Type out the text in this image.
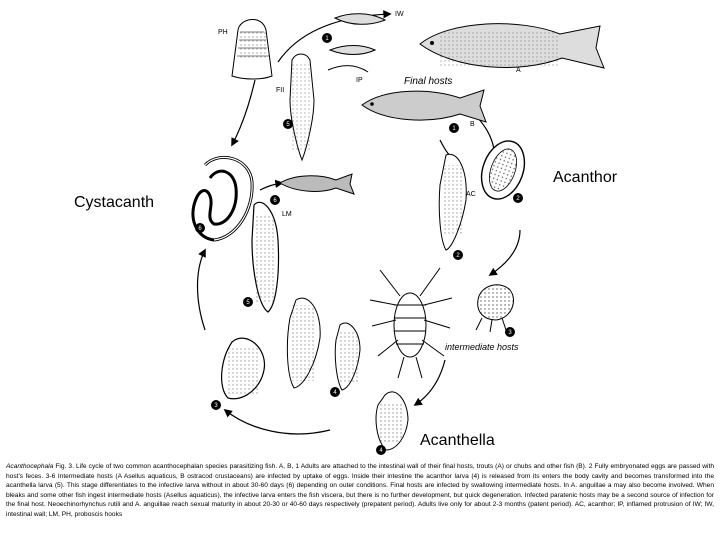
PH
FII
IW
IP
AC
LM
A
B
Final hosts
intermediate hosts
1
1
2
3
2
4
4
5
5
3
6
6
Cystacanth
Acanthor
Acanthella
Acanthocephala Fig. 3. Life cycle of two common acanthocephalan species parasitizing fish. A, B, 1 Adults are attached to the intestinal wall of their final hosts, trouts (A) or chubs and other fish (B). 2 Fully embryonated eggs are passed with host's feces. 3-6 Intermediate hosts (A Asellus aquaticus, B ostracod crustaceans) are infected by uptake of eggs. Inside their intestine the acanthor larva (4) is released from its enters the body cavity and becomes transformed into the acanthella larva (5). This stage differentiates to the infective larva without in about 30-60 days (6) depending on outer conditions. Final hosts are infected by swallowing intermediate hosts. In A. anguillae a may also become involved. When bleaks and some other fish ingest intermediate hosts (Asellus aquaticus), the infective larva enters the fish viscera, but there is no further development, but quick degeneration. Infected paratenic hosts may be a second source of infection for the final host. Neoechinorhynchus rutili and A. anguillae reach sexual maturity in about 20-30 or 40-60 days respectively (prepatent period). Adults live only for about 2-3 months (patent period). AC, acanthor; IP, inflamed protrusion of IW; IW, intestinal wall; LM, PH, proboscis hooks
